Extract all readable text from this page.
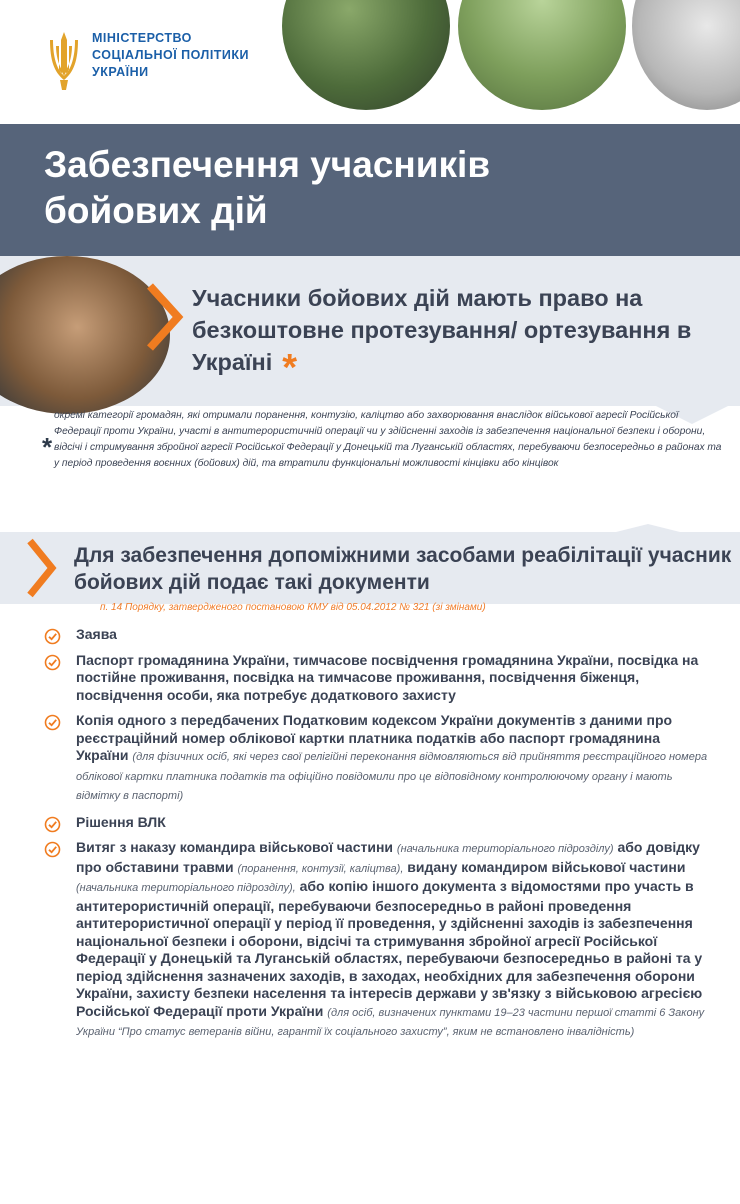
МІНІСТЕРСТВО
СОЦІАЛЬНОЇ ПОЛІТИКИ
УКРАЇНИ
Забезпечення учасників бойових дій
Учасники бойових дій мають право на безкоштовне протезування/ ортезування в Україні *
*
окремі категорії громадян, які отримали поранення, контузію, каліцтво або захворювання внаслідок військової агресії Російської Федерації проти України, участі в антитерористичній операції чи у здійсненні заходів із забезпечення національної безпеки і оборони, відсічі і стримування збройної агресії Російської Федерації у Донецькій та Луганській областях, перебуваючи безпосередньо в районах та у період проведення воєнних (бойових) дій, та втратили функціональні можливості кінцівки або кінцівок
Для забезпечення допоміжними засобами реабілітації учасник бойових дій подає такі документи
п. 14 Порядку, затвердженого постановою КМУ від 05.04.2012 № 321 (зі змінами)
Заява
Паспорт громадянина України, тимчасове посвідчення громадянина України, посвідка на постійне проживання, посвідка на тимчасове проживання, посвідчення біженця, посвідчення особи, яка потребує додаткового захисту
Копія одного з передбачених Податковим кодексом України документів з даними про реєстраційний номер облікової картки платника податків або паспорт громадянина України (для фізичних осіб, які через свої релігійні переконання відмовляються від прийняття реєстраційного номера облікової картки платника податків та офіційно повідомили про це відповідному контролюючому органу і мають відмітку в паспорті)
Рішення ВЛК
Витяг з наказу командира військової частини (начальника територіального підрозділу) або довідку про обставини травми (поранення, контузії, каліцтва), видану командиром військової частини (начальника територіального підрозділу), або копію іншого документа з відомостями про участь в антитерористичній операції, перебуваючи безпосередньо в районі проведення антитерористичної операції у період її проведення, у здійсненні заходів із забезпечення національної безпеки і оборони, відсічі та стримування збройної агресії Російської Федерації у Донецькій та Луганській областях, перебуваючи безпосередньо в районі та у період здійснення зазначених заходів, в заходах, необхідних для забезпечення оборони України, захисту безпеки населення та інтересів держави у зв'язку з військовою агресією Російської Федерації проти України (для осіб, визначених пунктами 19–23 частини першої статті 6 Закону України “Про статус ветеранів війни, гарантії їх соціального захисту”, яким не встановлено інвалідність)
